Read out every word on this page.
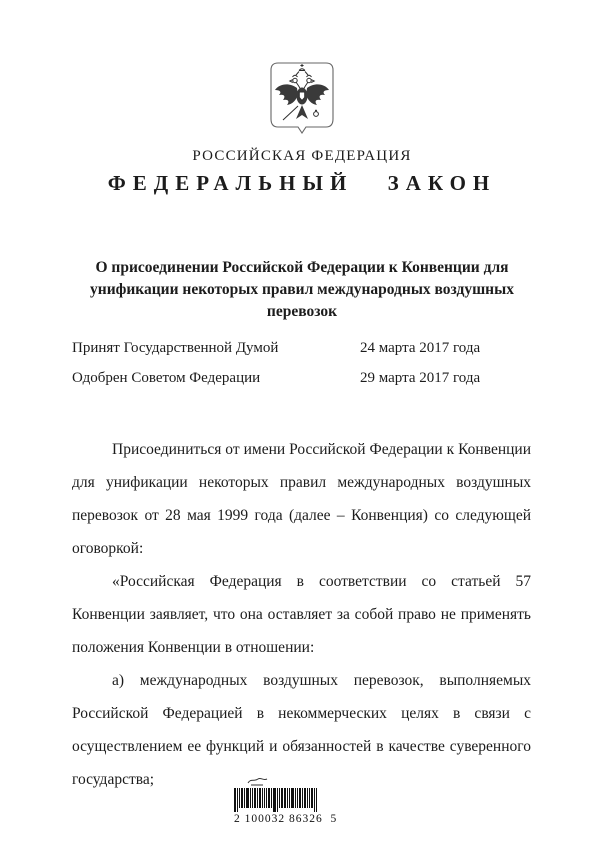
РОССИЙСКАЯ ФЕДЕРАЦИЯ
ФЕДЕРАЛЬНЫЙ ЗАКОН
О присоединении Российской Федерации к Конвенции для
унификации некоторых правил международных воздушных перевозок
Принят Государственной Думой	24 марта 2017 года
Одобрен Советом Федерации	29 марта 2017 года

Присоединиться от имени Российской Федерации к Конвенции для унификации некоторых правил международных воздушных перевозок от 28 мая 1999 года (далее – Конвенция) со следующей оговоркой:

«Российская Федерация в соответствии со статьей 57 Конвенции заявляет, что она оставляет за собой право не применять положения Конвенции в отношении:

а) международных воздушных перевозок, выполняемых Российской Федерацией в некоммерческих целях в связи с осуществлением ее функций и обязанностей в качестве суверенного государства;

2 100032 86326  5
